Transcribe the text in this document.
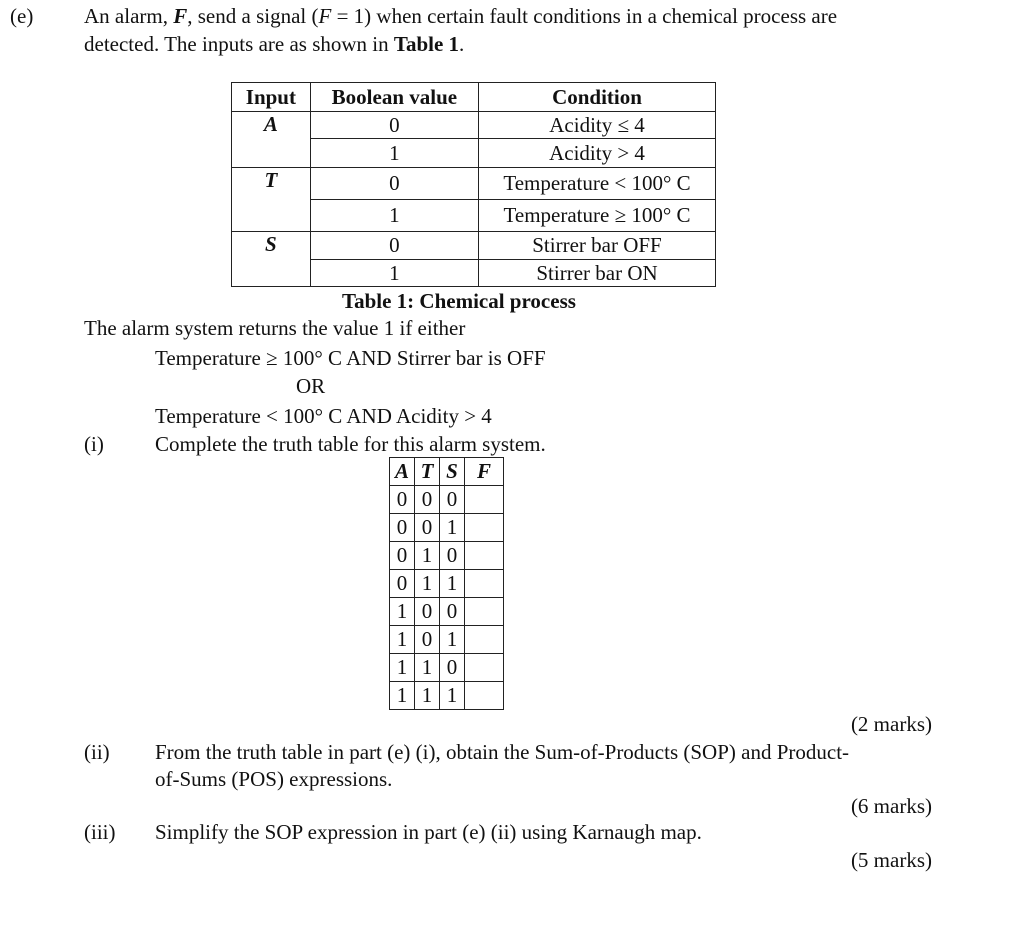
(e) An alarm, F, send a signal (F = 1) when certain fault conditions in a chemical process are
detected. The inputs are as shown in Table 1.
Input	Boolean value	Condition
A	0	Acidity ≤ 4
	1	Acidity > 4
T	0	Temperature < 100° C
	1	Temperature ≥ 100° C
S	0	Stirrer bar OFF
	1	Stirrer bar ON
Table 1: Chemical process
The alarm system returns the value 1 if either
Temperature ≥ 100° C AND Stirrer bar is OFF
OR
Temperature < 100° C AND Acidity > 4
(i) Complete the truth table for this alarm system.
A	T	S	F
0	0	0	
0	0	1	
0	1	0	
0	1	1	
1	0	0	
1	0	1	
1	1	0	
1	1	1	
(2 marks)
(ii) From the truth table in part (e) (i), obtain the Sum-of-Products (SOP) and Product-
of-Sums (POS) expressions.
(6 marks)
(iii) Simplify the SOP expression in part (e) (ii) using Karnaugh map.
(5 marks)
